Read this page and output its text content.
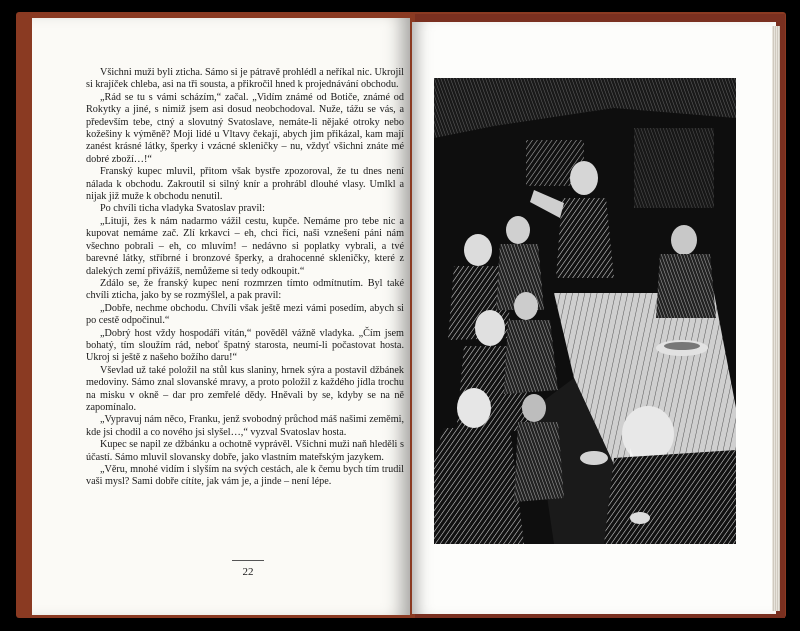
Všichni muži byli zticha. Sámo si je pátravě prohlédl a neříkal nic. Ukrojil si krajíček chleba, asi na tři sousta, a přikročil hned k projednávání obchodu.

„Rád se tu s vámi scházím,“ začal. „Vidím známé od Botiče, známé od Rokytky a jiné, s nimiž jsem asi dosud neobchodoval. Nuže, tážu se vás, a především tebe, ctný a slovutný Svatoslave, nemáte-li nějaké otroky nebo kožešiny k výměně? Moji lidé u Vltavy čekají, abych jim přikázal, kam mají zanést krásné látky, šperky i vzácné skleničky – nu, vždyť všichni znáte mé dobré zboží…!“

Franský kupec mluvil, přitom však bystře zpozoroval, že tu dnes není nálada k obchodu. Zakroutil si silný knír a prohrábl dlouhé vlasy. Umlkl a nijak již muže k obchodu nenutil.

Po chvíli ticha vladyka Svatoslav pravil:

„Lituji, žes k nám nadarmo vážil cestu, kupče. Nemáme pro tebe nic a kupovat nemáme zač. Zlí krkavci – eh, chci říci, naši vznešení páni nám všechno pobrali – eh, co mluvím! – nedávno si poplatky vybrali, a tvé barevné látky, stříbrné i bronzové šperky, a drahocenné skleničky, které z dalekých zemí přivážíš, nemůžeme si tedy odkoupit.“

Zdálo se, že franský kupec není rozmrzen tímto odmítnutím. Byl také chvíli zticha, jako by se rozmýšlel, a pak pravil:

„Dobře, nechme obchodu. Chvíli však ještě mezi vámi posedím, abych si po cestě odpočinul.“

„Dobrý host vždy hospodáři vítán,“ pověděl vážně vladyka. „Čím jsem bohatý, tím sloužím rád, neboť špatný starosta, neumí-li počastovat hosta. Ukroj si ještě z našeho božího daru!“

Vševlad už také položil na stůl kus slaniny, hrnek sýra a postavil džbánek medoviny. Sámo znal slovanské mravy, a proto položil z každého jídla trochu na misku v okně – dar pro zemřelé dědy. Hněvali by se, kdyby se na ně zapomínalo.

„Vypravuj nám něco, Franku, jenž svobodný průchod máš našimi zeměmi, kde jsi chodil a co nového jsi slyšel…,“ vyzval Svatoslav hosta.

Kupec se napil ze džbánku a ochotně vyprávěl. Všichni muži naň hleděli s účastí. Sámo mluvil slovansky dobře, jako vlastním mateřským jazykem.

„Věru, mnohé vidím i slyším na svých cestách, ale k čemu bych tím trudil vaši mysl? Sami dobře cítíte, jak vám je, a jinde – není lépe.

22
